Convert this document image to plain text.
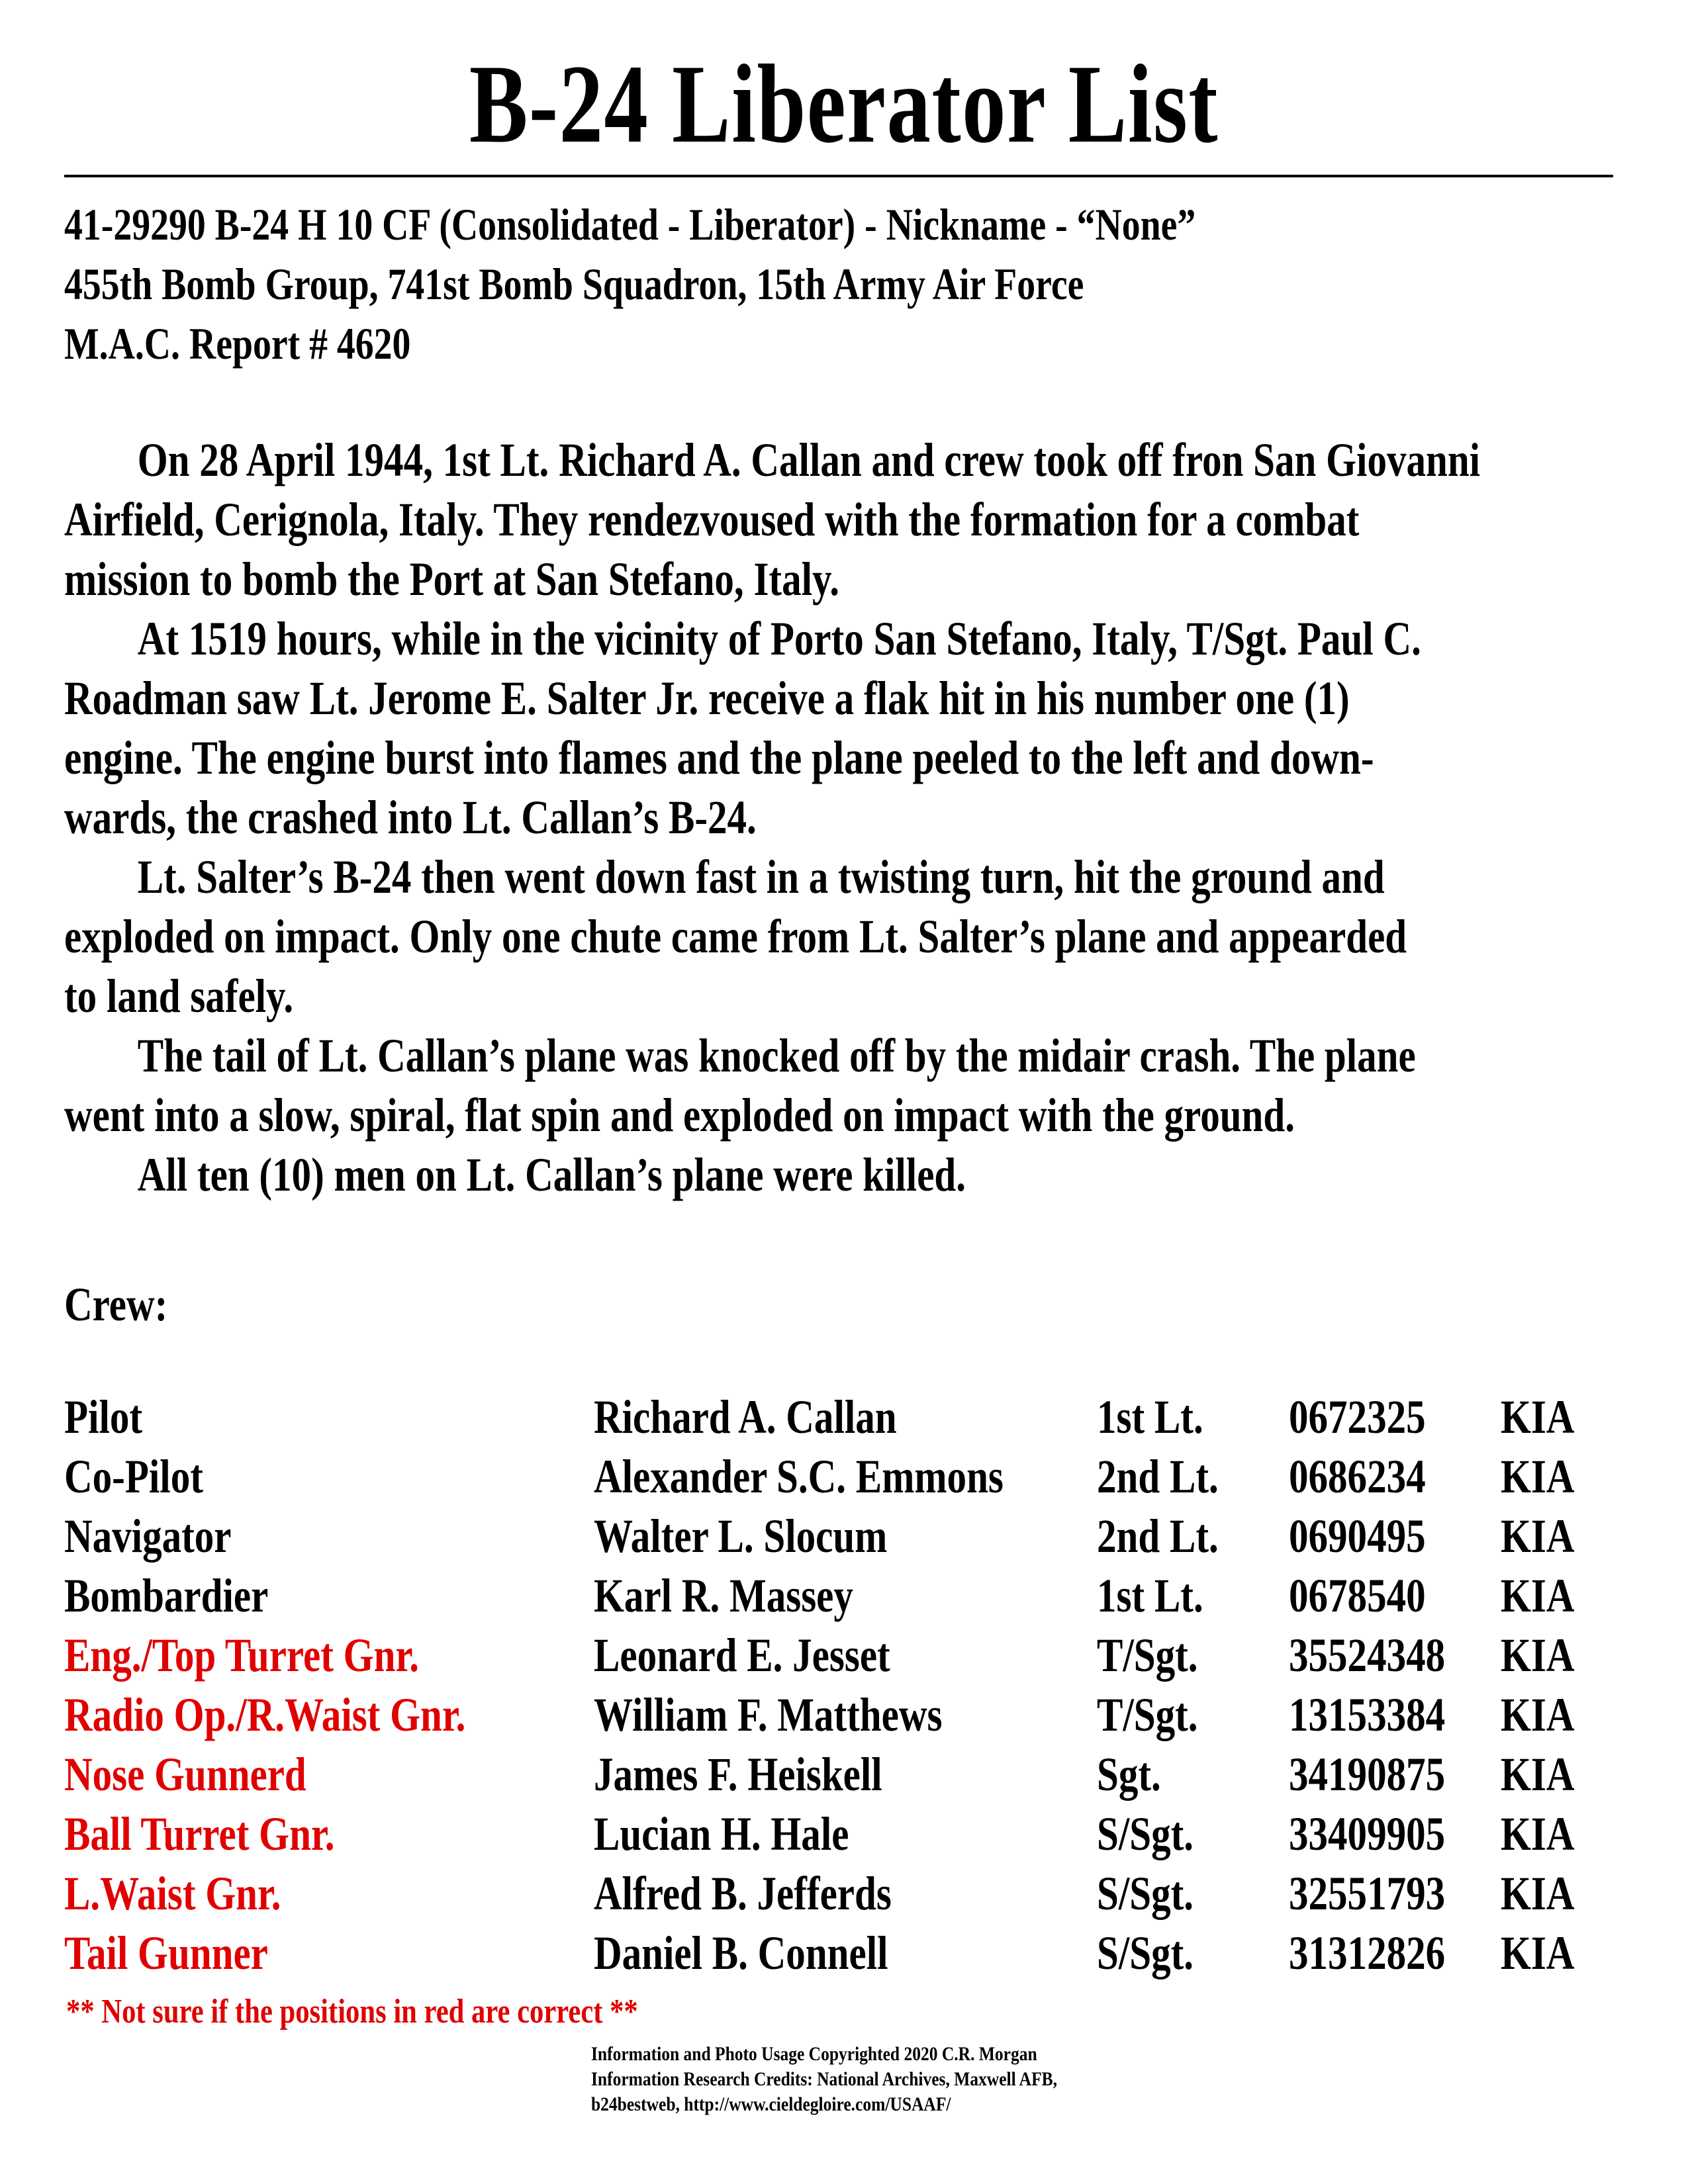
B-24 Liberator List
41-29290 B-24 H 10 CF (Consolidated - Liberator) - Nickname - “None”
455th Bomb Group, 741st Bomb Squadron, 15th Army Air Force
M.A.C. Report # 4620

On 28 April 1944, 1st Lt. Richard A. Callan and crew took off fron San Giovanni
Airfield, Cerignola, Italy. They rendezvoused with the formation for a combat
mission to bomb the Port at San Stefano, Italy.

At 1519 hours, while in the vicinity of Porto San Stefano, Italy, T/Sgt. Paul C.
Roadman saw Lt. Jerome E. Salter Jr. receive a flak hit in his number one (1)
engine. The engine burst into flames and the plane peeled to the left and down-
wards, the crashed into Lt. Callan’s B-24.

Lt. Salter’s B-24 then went down fast in a twisting turn, hit the ground and
exploded on impact. Only one chute came from Lt. Salter’s plane and appearded
to land safely.

The tail of Lt. Callan’s plane was knocked off by the midair crash. The plane
went into a slow, spiral, flat spin and exploded on impact with the ground.

All ten (10) men on Lt. Callan’s plane were killed.

Crew:
Pilot	Richard A. Callan	1st Lt. 0672325 KIA
Co-Pilot	Alexander S.C. Emmons 2nd Lt. 0686234 KIA
Navigator	Walter L. Slocum	2nd Lt. 0690495 KIA
Bombardier	Karl R. Massey	1st Lt. 0678540 KIA
Eng./Top Turret Gnr.	Leonard E. Jesset	T/Sgt. 35524348 KIA
Radio Op./R.Waist Gnr.	William F. Matthews	T/Sgt. 13153384 KIA
Nose Gunnerd	James F. Heiskell	Sgt.	34190875 KIA
Ball Turret Gnr.	Lucian H. Hale	S/Sgt. 33409905 KIA
L.Waist Gnr.	Alfred B. Jefferds	S/Sgt. 32551793 KIA
Tail Gunner	Daniel B. Connell	S/Sgt. 31312826 KIA
** Not sure if the positions in red are correct **
Information and Photo Usage Copyrighted 2020 C.R. Morgan
Information Research Credits: National Archives, Maxwell AFB,
b24bestweb, http://www.cieldegloire.com/USAAF/
